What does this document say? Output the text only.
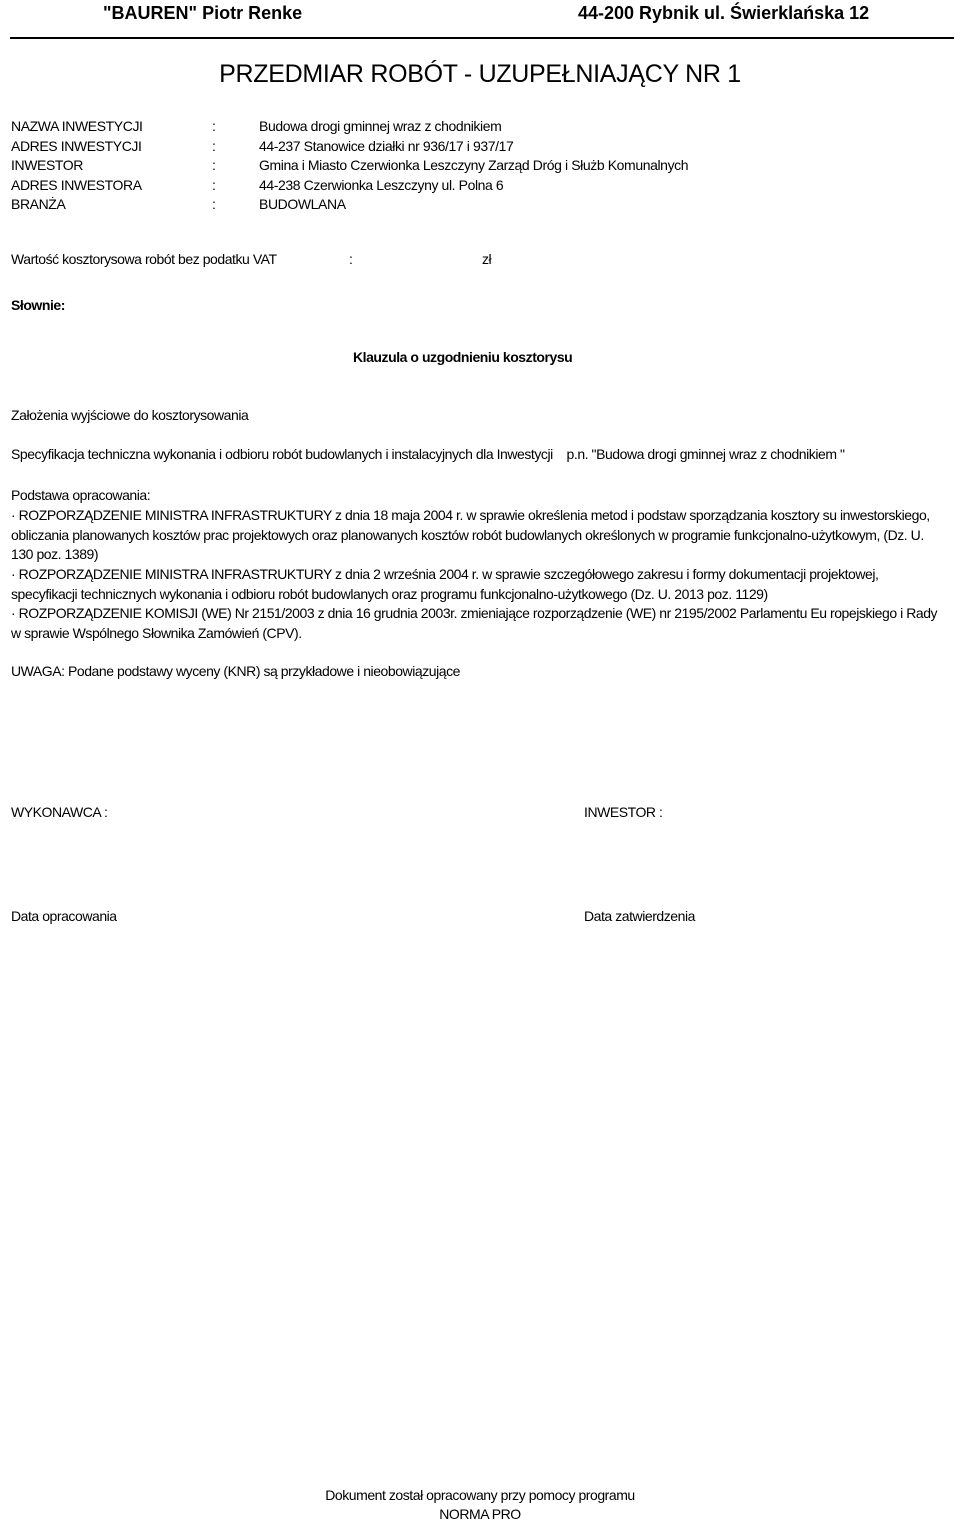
"BAUREN" Piotr Renke	44-200 Rybnik ul. Świerklańska 12
PRZEDMIAR ROBÓT - UZUPEŁNIAJĄCY NR 1
NAZWA INWESTYCJI	:	Budowa drogi gminnej wraz z chodnikiem
ADRES INWESTYCJI	:	44-237 Stanowice działki nr 936/17 i 937/17
INWESTOR	:	Gmina i Miasto Czerwionka Leszczyny Zarząd Dróg i Służb Komunalnych
ADRES INWESTORA	:	44-238 Czerwionka Leszczyny ul. Polna 6
BRANŻA	:	BUDOWLANA
Wartość kosztorysowa robót bez podatku VAT	:	zł
Słownie:
Klauzula o uzgodnieniu kosztorysu
Założenia wyjściowe do kosztorysowania
Specyfikacja techniczna wykonania i odbioru robót budowlanych i instalacyjnych dla Inwestycji    p.n. "Budowa drogi gminnej wraz z chodnikiem "
Podstawa opracowania:
· ROZPORZĄDZENIE MINISTRA INFRASTRUKTURY z dnia 18 maja 2004 r. w sprawie określenia metod i podstaw sporządzania kosztory su inwestorskiego, obliczania planowanych kosztów prac projektowych oraz planowanych kosztów robót budowlanych określonych w programie funkcjonalno-użytkowym, (Dz. U. 130 poz. 1389)
· ROZPORZĄDZENIE MINISTRA INFRASTRUKTURY z dnia 2 września 2004 r. w sprawie szczegółowego zakresu i formy dokumentacji projektowej, specyfikacji technicznych wykonania i odbioru robót budowlanych oraz programu funkcjonalno-użytkowego (Dz. U. 2013 poz. 1129)
· ROZPORZĄDZENIE KOMISJI (WE) Nr 2151/2003 z dnia 16 grudnia 2003r. zmieniające rozporządzenie (WE) nr 2195/2002 Parlamentu Eu ropejskiego i Rady w sprawie Wspólnego Słownika Zamówień (CPV).
UWAGA: Podane podstawy wyceny (KNR) są przykładowe i nieobowiązujące
WYKONAWCA :	INWESTOR :
Data opracowania	Data zatwierdzenia
Dokument został opracowany przy pomocy programu
NORMA PRO
